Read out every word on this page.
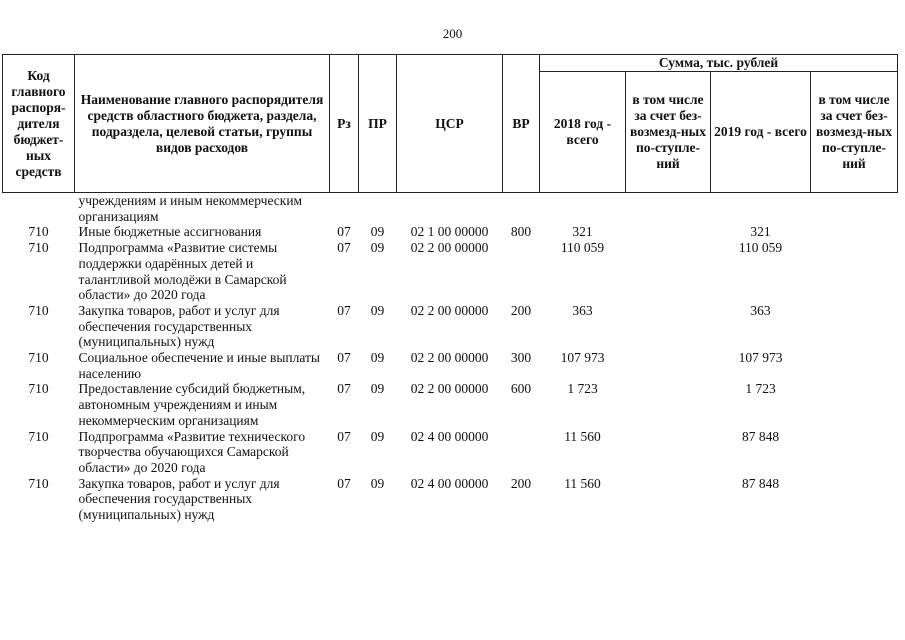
200
Код главного распоря-дителя бюджет-ных средств	Наименование главного распорядителя средств областного бюджета, раздела, подраздела, целевой статьи, группы видов расходов	Рз	ПР	ЦСР	ВР	Сумма, тыс. рублей			
						2018 год - всего	в том числе за счет без-возмезд-ных по-ступле-ний	2019 год - всего	в том числе за счет без-возмезд-ных по-ступле-ний
	учреждениям и иным некоммерческим организациям								
710	Иные бюджетные ассигнования	07	09	02 1 00 00000	800	321		321	
710	Подпрограмма «Развитие системы поддержки одарённых детей и талантливой молодёжи в Самарской области» до 2020 года	07	09	02 2 00 00000		110 059		110 059	
710	Закупка товаров, работ и услуг для обеспечения государственных (муниципальных) нужд	07	09	02 2 00 00000	200	363		363	
710	Социальное обеспечение и иные выплаты населению	07	09	02 2 00 00000	300	107 973		107 973	
710	Предоставление субсидий бюджетным, автономным учреждениям и иным некоммерческим организациям	07	09	02 2 00 00000	600	1 723		1 723	
710	Подпрограмма «Развитие технического творчества обучающихся Самарской области» до 2020 года	07	09	02 4 00 00000		11 560		87 848	
710	Закупка товаров, работ и услуг для обеспечения государственных (муниципальных) нужд	07	09	02 4 00 00000	200	11 560		87 848	
